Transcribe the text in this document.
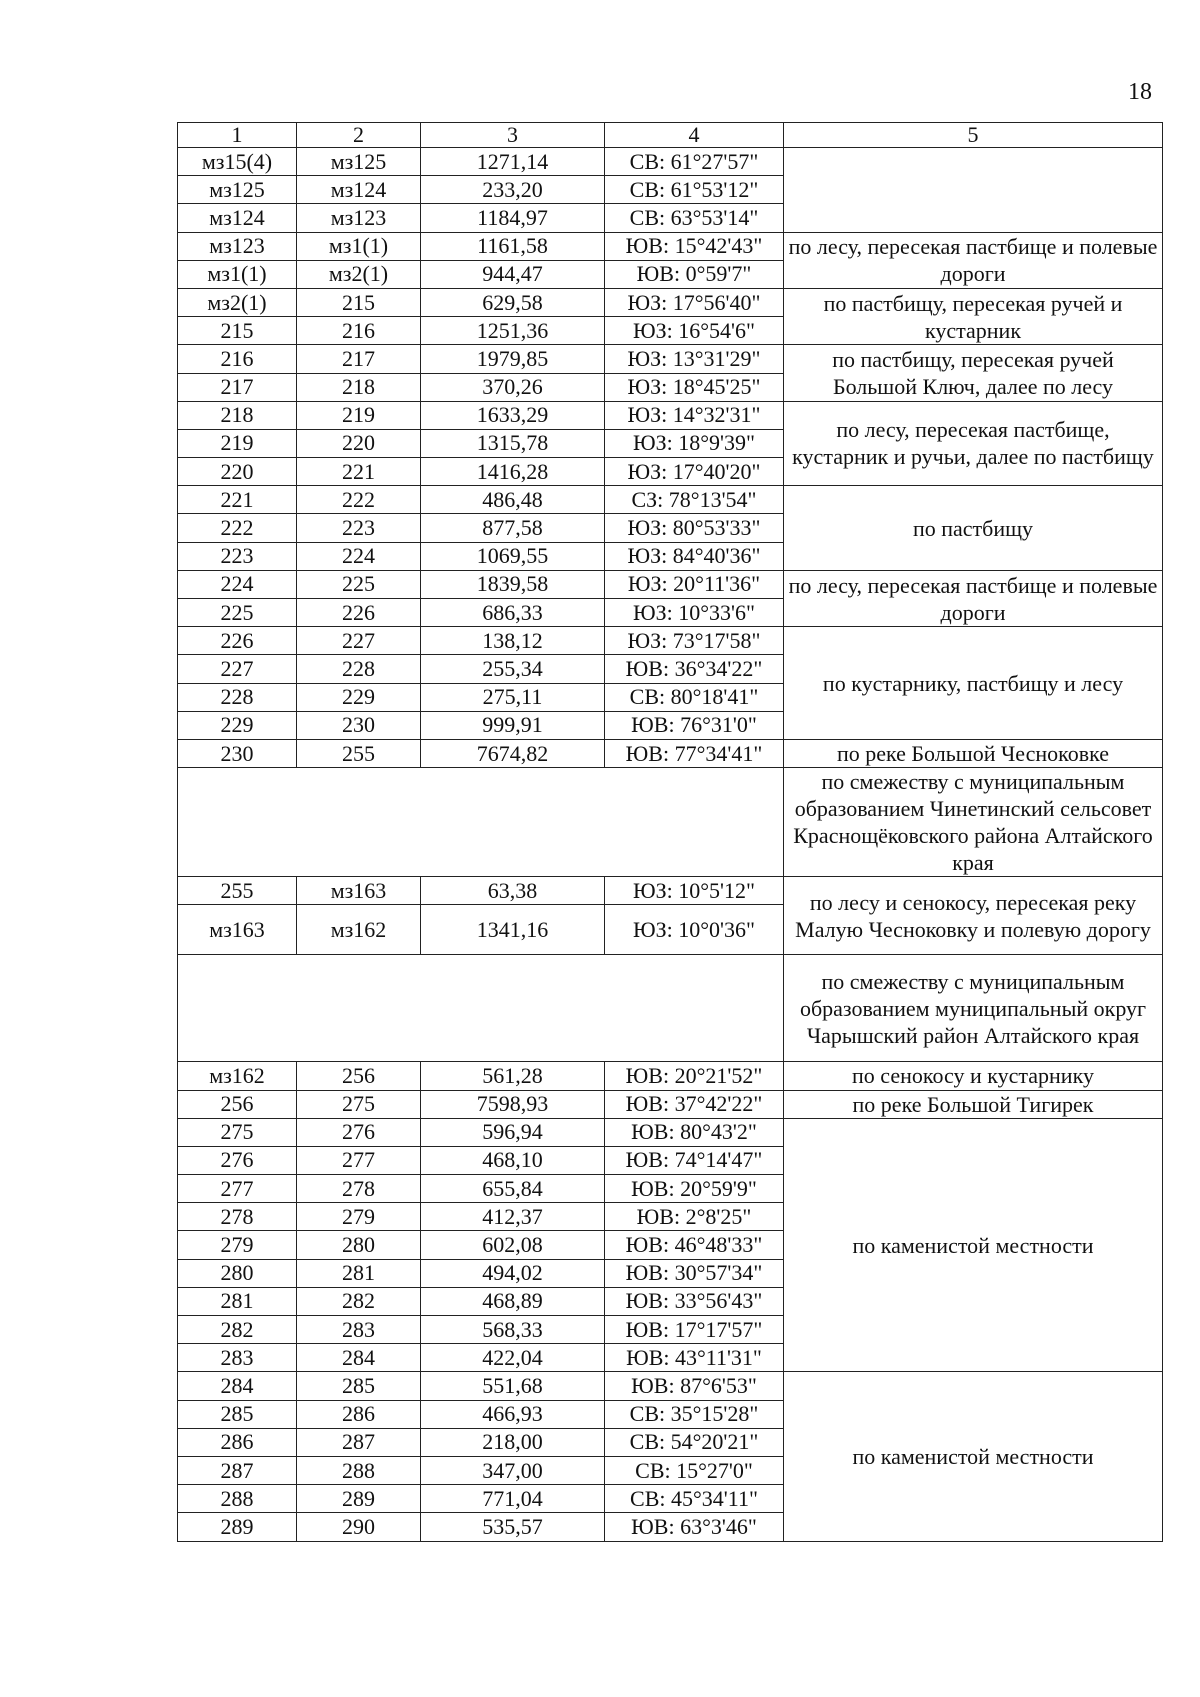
18
1	2	3	4	5
мз15(4)	мз125	1271,14	СВ: 61°27'57"	
мз125	мз124	233,20	СВ: 61°53'12"	
мз124	мз123	1184,97	СВ: 63°53'14"	
мз123	мз1(1)	1161,58	ЮВ: 15°42'43"	по лесу, пересекая пастбище и полевые дороги
мз1(1)	мз2(1)	944,47	ЮВ: 0°59'7"	
мз2(1)	215	629,58	ЮЗ: 17°56'40"	по пастбищу, пересекая ручей и кустарник
215	216	1251,36	ЮЗ: 16°54'6"	
216	217	1979,85	ЮЗ: 13°31'29"	по пастбищу, пересекая ручей Большой Ключ, далее по лесу
217	218	370,26	ЮЗ: 18°45'25"	
218	219	1633,29	ЮЗ: 14°32'31"	по лесу, пересекая пастбище, кустарник и ручьи, далее по пастбищу
219	220	1315,78	ЮЗ: 18°9'39"	
220	221	1416,28	ЮЗ: 17°40'20"	
221	222	486,48	СЗ: 78°13'54"	по пастбищу
222	223	877,58	ЮЗ: 80°53'33"	
223	224	1069,55	ЮЗ: 84°40'36"	
224	225	1839,58	ЮЗ: 20°11'36"	по лесу, пересекая пастбище и полевые дороги
225	226	686,33	ЮЗ: 10°33'6"	
226	227	138,12	ЮЗ: 73°17'58"	по кустарнику, пастбищу и лесу
227	228	255,34	ЮВ: 36°34'22"	
228	229	275,11	СВ: 80°18'41"	
229	230	999,91	ЮВ: 76°31'0"	
230	255	7674,82	ЮВ: 77°34'41"	по реке Большой Чесноковке
				по смежеству с муниципальным образованием Чинетинский сельсовет Краснощёковского района Алтайского края
255	мз163	63,38	ЮЗ: 10°5'12"	по лесу и сенокосу, пересекая реку Малую Чесноковку и полевую дорогу
мз163	мз162	1341,16	ЮЗ: 10°0'36"	
				по смежеству с муниципальным образованием муниципальный округ Чарышский район Алтайского края
мз162	256	561,28	ЮВ: 20°21'52"	по сенокосу и кустарнику
256	275	7598,93	ЮВ: 37°42'22"	по реке Большой Тигирек
275	276	596,94	ЮВ: 80°43'2"	по каменистой местности
276	277	468,10	ЮВ: 74°14'47"	
277	278	655,84	ЮВ: 20°59'9"	
278	279	412,37	ЮВ: 2°8'25"	
279	280	602,08	ЮВ: 46°48'33"	
280	281	494,02	ЮВ: 30°57'34"	
281	282	468,89	ЮВ: 33°56'43"	
282	283	568,33	ЮВ: 17°17'57"	
283	284	422,04	ЮВ: 43°11'31"	
284	285	551,68	ЮВ: 87°6'53"	по каменистой местности
285	286	466,93	СВ: 35°15'28"	
286	287	218,00	СВ: 54°20'21"	
287	288	347,00	СВ: 15°27'0"	
288	289	771,04	СВ: 45°34'11"	
289	290	535,57	ЮВ: 63°3'46"	
